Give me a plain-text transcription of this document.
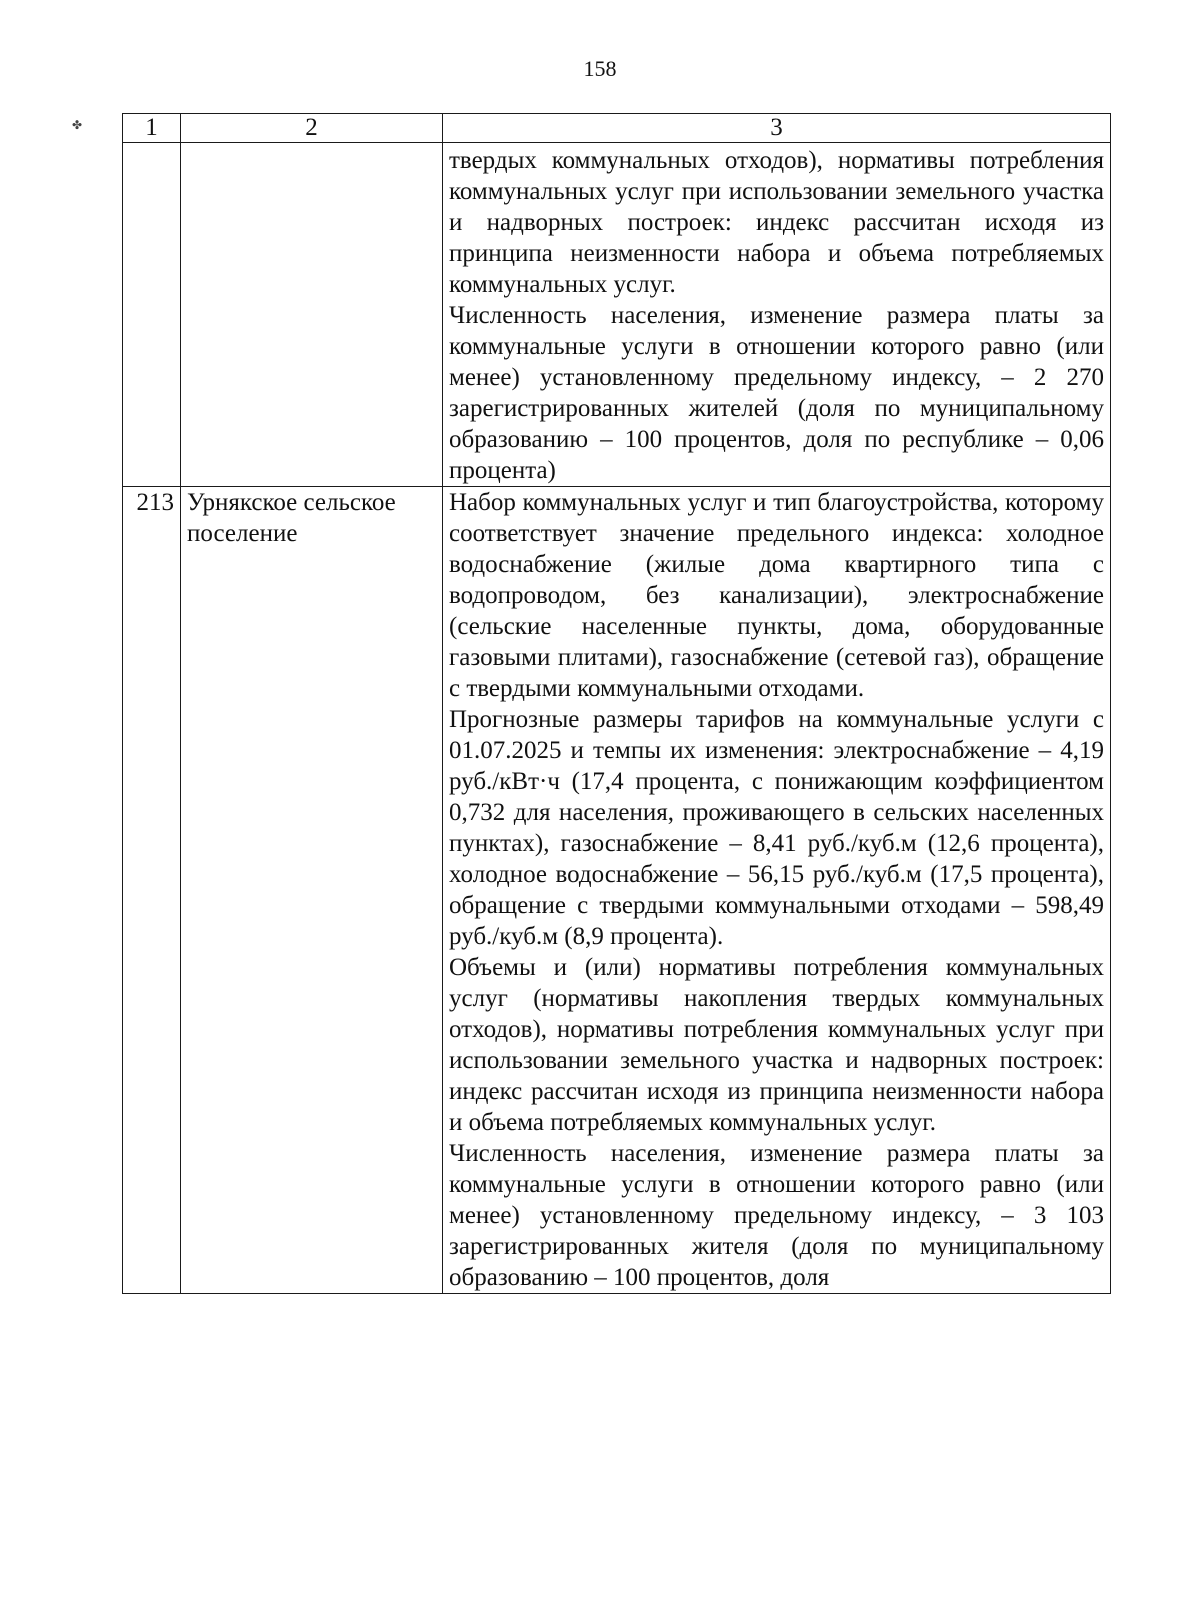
158
✤	1	2	3

		твердых коммунальных отходов), нормативы потребления коммунальных услуг при использовании земельного участка и надворных построек: индекс рассчитан исходя из принципа неизменности набора и объема потребляемых коммунальных услуг.

Численность населения, изменение размера платы за коммунальные услуги в отношении которого равно (или менее) установленному предельному индексу, – 2 270 зарегистрированных жителей (доля по муниципальному образованию – 100 процентов, доля по республике – 0,06 процента)

213	Урнякское сельское поселение	Набор коммунальных услуг и тип благоустройства, которому соответствует значение предельного индекса: холодное водоснабжение (жилые дома квартирного типа с водопроводом, без канализации), электроснабжение (сельские населенные пункты, дома, оборудованные газовыми плитами), газоснабжение (сетевой газ), обращение с твердыми коммунальными отходами.

Прогнозные размеры тарифов на коммунальные услуги с 01.07.2025 и темпы их изменения: электроснабжение – 4,19 руб./кВт·ч (17,4 процента, с понижающим коэффициентом 0,732 для населения, проживающего в сельских населенных пунктах), газоснабжение – 8,41 руб./куб.м (12,6 процента), холодное водоснабжение – 56,15 руб./куб.м (17,5 процента), обращение с твердыми коммунальными отходами – 598,49 руб./куб.м (8,9 процента).

Объемы и (или) нормативы потребления коммунальных услуг (нормативы накопления твердых коммунальных отходов), нормативы потребления коммунальных услуг при использовании земельного участка и надворных построек: индекс рассчитан исходя из принципа неизменности набора и объема потребляемых коммунальных услуг.

Численность населения, изменение размера платы за коммунальные услуги в отношении которого равно (или менее) установленному предельному индексу, – 3 103 зарегистрированных жителя (доля по муниципальному образованию – 100 процентов, доля
